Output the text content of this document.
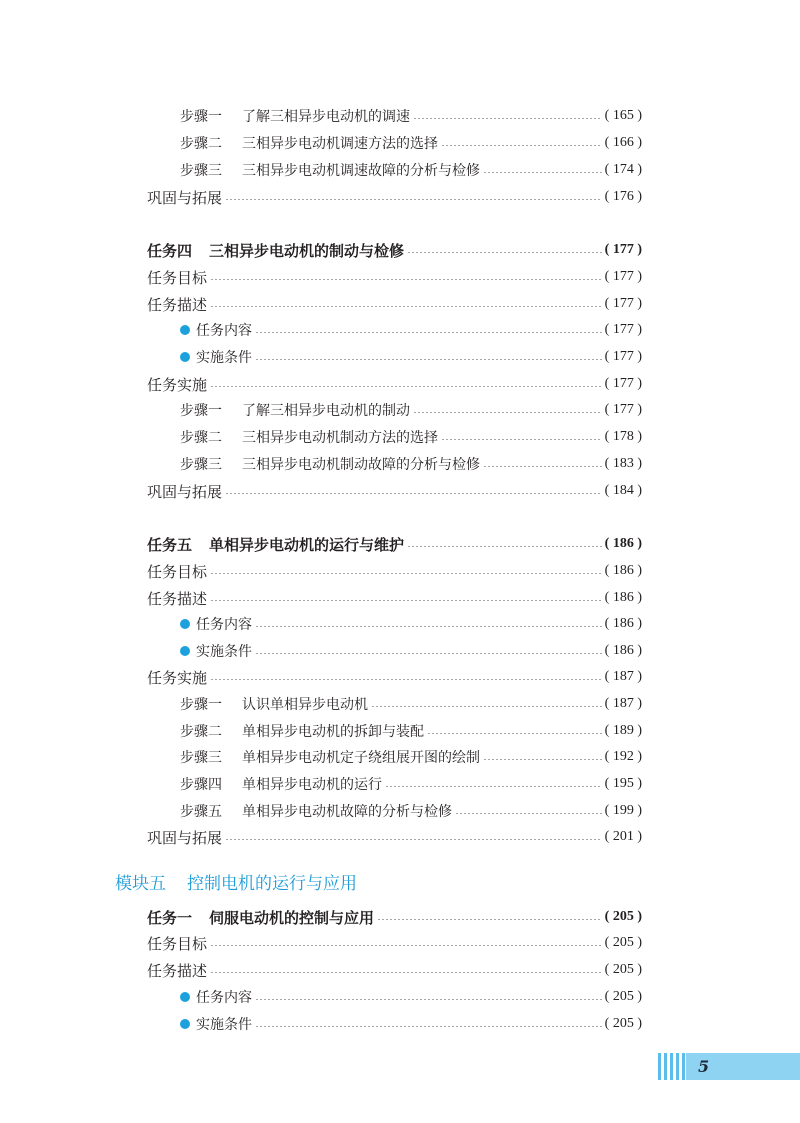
步骤一	了解三相异步电动机的调速	( 165 )
步骤二	三相异步电动机调速方法的选择	( 166 )
步骤三	三相异步电动机调速故障的分析与检修	( 174 )
巩固与拓展	( 176 )
任务四	三相异步电动机的制动与检修	( 177 )
任务目标	( 177 )
任务描述	( 177 )
任务内容	( 177 )
实施条件	( 177 )
任务实施	( 177 )
步骤一	了解三相异步电动机的制动	( 177 )
步骤二	三相异步电动机制动方法的选择	( 178 )
步骤三	三相异步电动机制动故障的分析与检修	( 183 )
巩固与拓展	( 184 )
任务五	单相异步电动机的运行与维护	( 186 )
任务目标	( 186 )
任务描述	( 186 )
任务内容	( 186 )
实施条件	( 186 )
任务实施	( 187 )
步骤一	认识单相异步电动机	( 187 )
步骤二	单相异步电动机的拆卸与装配	( 189 )
步骤三	单相异步电动机定子绕组展开图的绘制	( 192 )
步骤四	单相异步电动机的运行	( 195 )
步骤五	单相异步电动机故障的分析与检修	( 199 )
巩固与拓展	( 201 )
模块五	控制电机的运行与应用
任务一	伺服电动机的控制与应用	( 205 )
任务目标	( 205 )
任务描述	( 205 )
任务内容	( 205 )
实施条件	( 205 )
5
